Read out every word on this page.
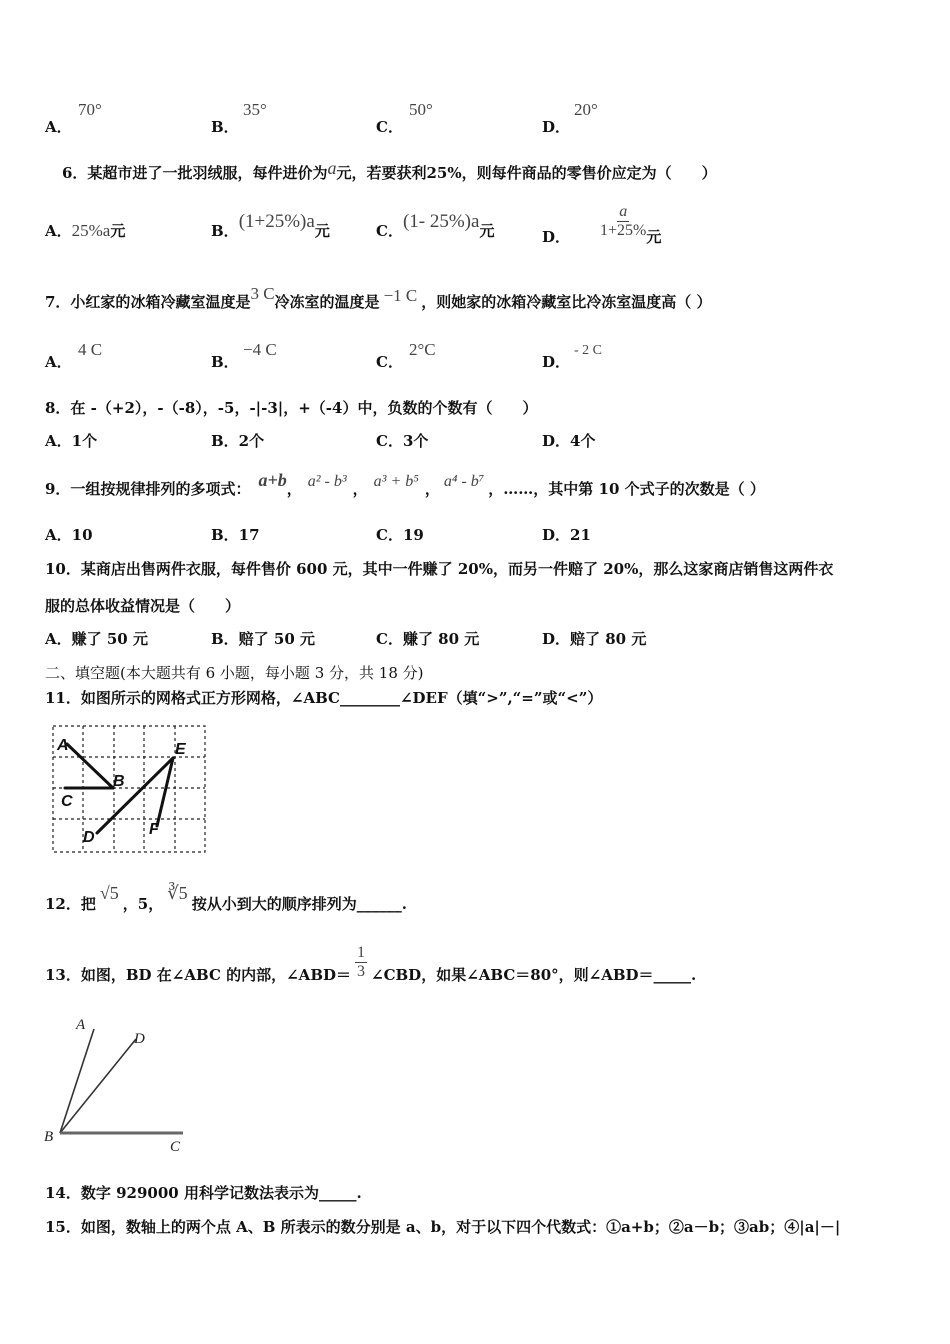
A．
70°
B．
35°
C．
50°
D．
20°
6．某超市进了一批羽绒服，每件进价为a元，若要获利25%，则每件商品的零售价应定为（　　）
A．25%a元	B．(1+25%)a元	C．(1- 25%)a元	D． $\frac{a}{1+25\%}$ 元
7．小红家的冰箱冷藏室温度是3 C冷冻室的温度是 −1 C ，则她家的冰箱冷藏室比冷冻室温度高（ ）
A．
4 C
B．
−4 C
C．
2°C
D．
- 2 C
8．在 -（+2），-（-8），-5，-|-3|，+（-4）中，负数的个数有（　　）
A．1个	B．2个	C．3个	D．4个
9．一组按规律排列的多项式： a+b， a² - b³ ， a³ + b⁵ ， a⁴ - b⁷ ，……，其中第 10 个式子的次数是（ ）
A．10	B．17	C．19	D．21
10．某商店出售两件衣服，每件售价 600 元，其中一件赚了 20%，而另一件赔了 20%，那么这家商店销售这两件衣
服的总体收益情况是（　　）
A．赚了 50 元	B．赔了 50 元	C．赚了 80 元	D．赔了 80 元
二、填空题(本大题共有 6 小题，每小题 3 分，共 18 分)
11．如图所示的网格式正方形网格，∠ABC________∠DEF（填“>”,“=”或“<”）
A
B
C
D
E
F
12．把√5，5，∛5按从小到大的顺序排列为______.
13．如图，BD 在∠ABC 的内部，∠ABD＝ $\frac{1}{3}$ ∠CBD，如果∠ABC＝80°，则∠ABD＝_____.
A
D
B
C
14．数字 929000 用科学记数法表示为_____.
15．如图，数轴上的两个点 A、B 所表示的数分别是 a、b，对于以下四个代数式：①a+b；②a－b；③ab；④|a|－|
